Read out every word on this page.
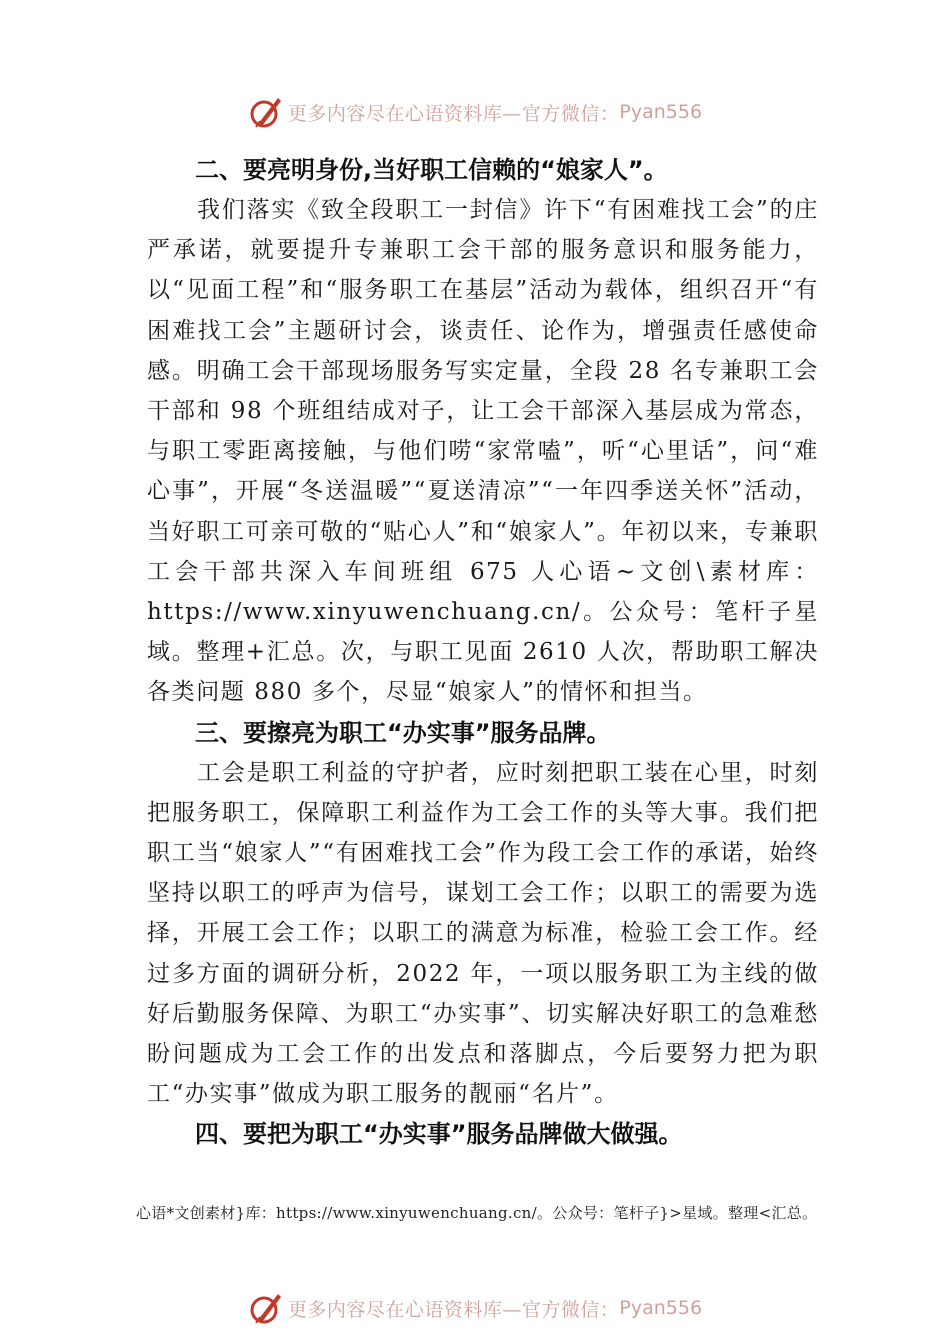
更多内容尽在心语资料库—官方微信： Pyan556

二、要亮明身份,当好职工信赖的“娘家人”。

我们落实《致全段职工一封信》许下“有困难找工会”的庄严承诺，就要提升专兼职工会干部的服务意识和服务能力，以“见面工程”和“服务职工在基层”活动为载体，组织召开“有困难找工会”主题研讨会，谈责任、论作为，增强责任感使命感。明确工会干部现场服务写实定量，全段 28 名专兼职工会干部和 98 个班组结成对子，让工会干部深入基层成为常态，与职工零距离接触，与他们唠“家常嗑”，听“心里话”，问“难心事”，开展“冬送温暖”“夏送清凉”“一年四季送关怀”活动，当好职工可亲可敬的“贴心人”和“娘家人”。年初以来，专兼职工会干部共深入车间班组 675 人心语~文创\素材库：https://www.xinyuwenchuang.cn/。公众号：笔杆子星域。整理+汇总。次，与职工见面 2610 人次，帮助职工解决各类问题 880 多个，尽显“娘家人”的情怀和担当。

三、要擦亮为职工“办实事”服务品牌。

工会是职工利益的守护者，应时刻把职工装在心里，时刻把服务职工，保障职工利益作为工会工作的头等大事。我们把职工当“娘家人”“有困难找工会”作为段工会工作的承诺，始终坚持以职工的呼声为信号，谋划工会工作；以职工的需要为选择，开展工会工作；以职工的满意为标准，检验工会工作。经过多方面的调研分析，2022 年，一项以服务职工为主线的做好后勤服务保障、为职工“办实事”、切实解决好职工的急难愁盼问题成为工会工作的出发点和落脚点，今后要努力把为职工“办实事”做成为职工服务的靓丽“名片”。

四、要把为职工“办实事”服务品牌做大做强。

心语*文创素材}库：https://www.xinyuwenchuang.cn/。公众号：笔杆子}>星域。整理<汇总。
更多内容尽在心语资料库—官方微信： Pyan556
